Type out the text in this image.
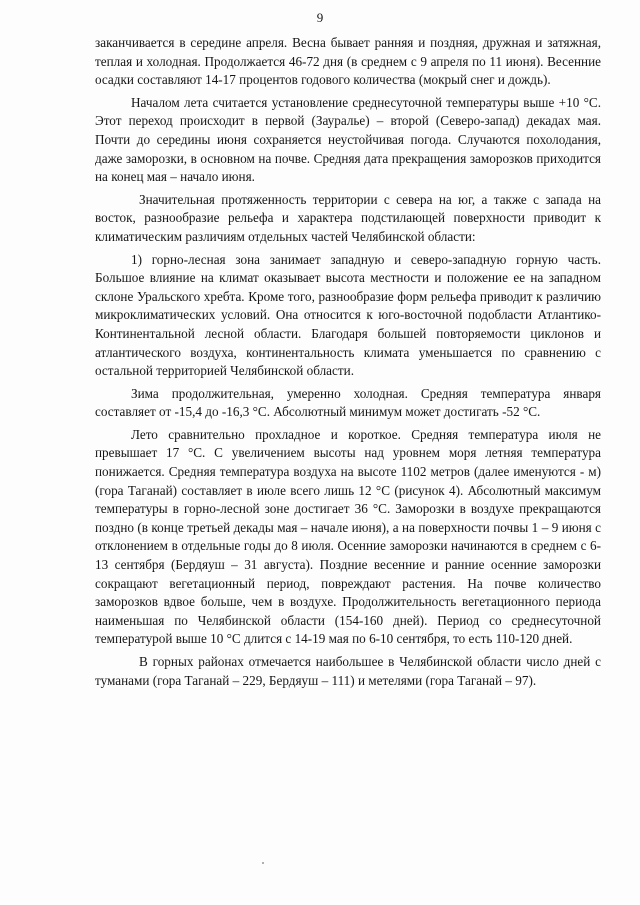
9

заканчивается в середине апреля. Весна бывает ранняя и поздняя, дружная и затяжная, теплая и холодная. Продолжается 46-72 дня (в среднем с 9 апреля по 11 июня). Весенние осадки составляют 14-17 процентов годового количества (мокрый снег и дождь).

Началом лета считается установление среднесуточной температуры выше +10 °С. Этот переход происходит в первой (Зауралье) – второй (Северо-запад) декадах мая. Почти до середины июня сохраняется неустойчивая погода. Случаются похолодания, даже заморозки, в основном на почве. Средняя дата прекращения заморозков приходится на конец мая – начало июня.

Значительная протяженность территории с севера на юг, а также с запада на восток, разнообразие рельефа и характера подстилающей поверхности приводит к климатическим различиям отдельных частей Челябинской области:

1) горно-лесная зона занимает западную и северо-западную горную часть. Большое влияние на климат оказывает высота местности и положение ее на западном склоне Уральского хребта. Кроме того, разнообразие форм рельефа приводит к различию микроклиматических условий. Она относится к юго-восточной подобласти Атлантико-Континентальной лесной области. Благодаря большей повторяемости циклонов и атлантического воздуха, континентальность климата уменьшается по сравнению с остальной территорией Челябинской области.

Зима продолжительная, умеренно холодная. Средняя температура января составляет от -15,4 до -16,3 °С. Абсолютный минимум может достигать -52 °С.

Лето сравнительно прохладное и короткое. Средняя температура июля не превышает 17 °С. С увеличением высоты над уровнем моря летняя температура понижается. Средняя температура воздуха на высоте 1102 метров (далее именуются - м) (гора Таганай) составляет в июле всего лишь 12 °С (рисунок 4). Абсолютный максимум температуры в горно-лесной зоне достигает 36 °С. Заморозки в воздухе прекращаются поздно (в конце третьей декады мая – начале июня), а на поверхности почвы 1 – 9 июня с отклонением в отдельные годы до 8 июля. Осенние заморозки начинаются в среднем с 6-13 сентября (Бердяуш – 31 августа). Поздние весенние и ранние осенние заморозки сокращают вегетационный период, повреждают растения. На почве количество заморозков вдвое больше, чем в воздухе. Продолжительность вегетационного периода наименьшая по Челябинской области (154-160 дней). Период со среднесуточной температурой выше 10 °С длится с 14-19 мая по 6-10 сентября, то есть 110-120 дней.

В горных районах отмечается наибольшее в Челябинской области число дней с туманами (гора Таганай – 229, Бердяуш – 111) и метелями (гора Таганай – 97).
